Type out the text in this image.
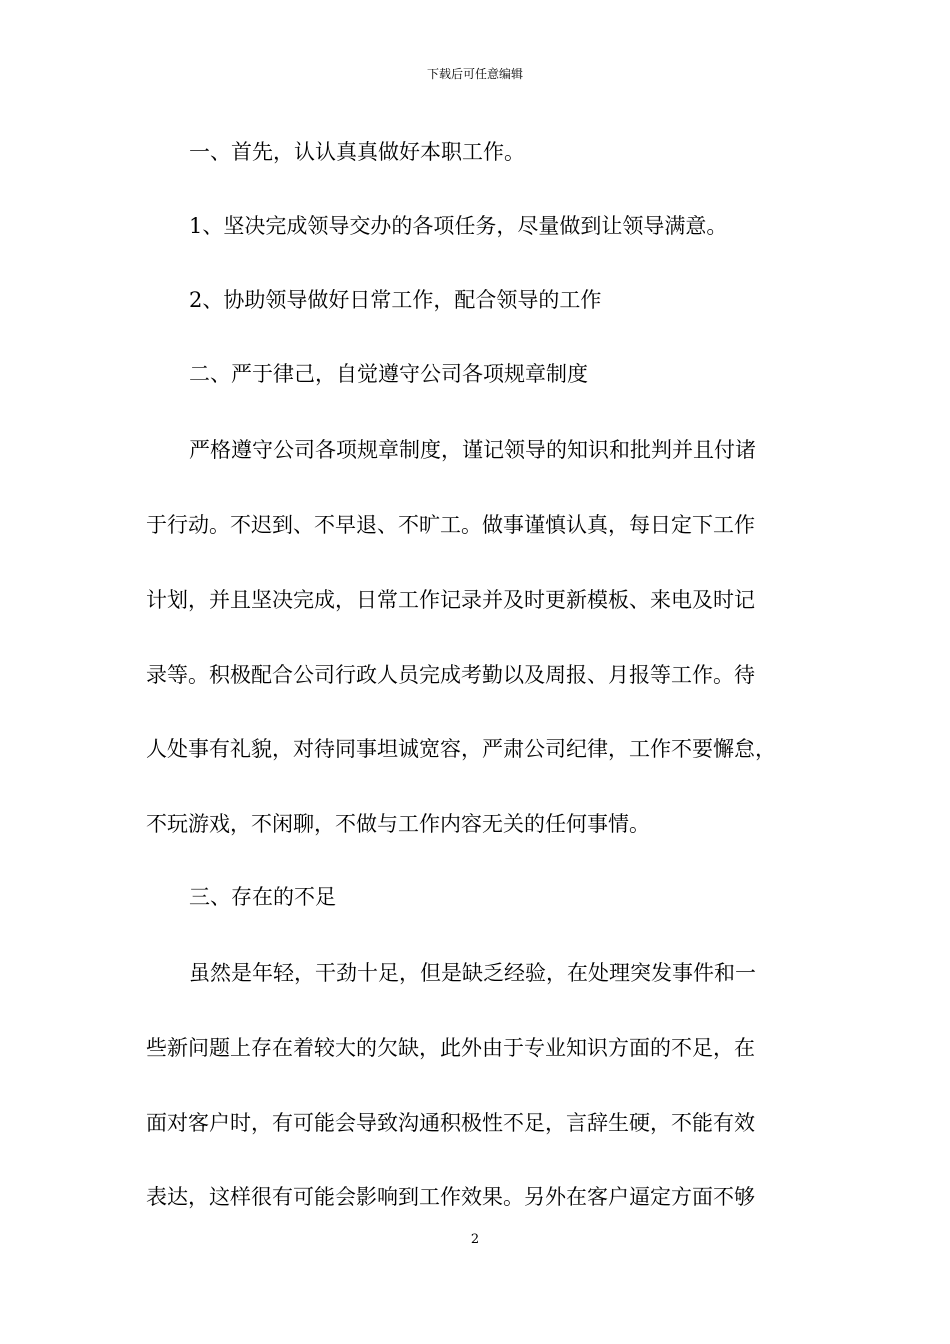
下载后可任意编辑
一、首先，认认真真做好本职工作。
1、坚决完成领导交办的各项任务，尽量做到让领导满意。
2、协助领导做好日常工作，配合领导的工作
二、严于律己，自觉遵守公司各项规章制度
严格遵守公司各项规章制度，谨记领导的知识和批判并且付诸
于行动。不迟到、不早退、不旷工。做事谨慎认真，每日定下工作
计划，并且坚决完成，日常工作记录并及时更新模板、来电及时记
录等。积极配合公司行政人员完成考勤以及周报、月报等工作。待
人处事有礼貌，对待同事坦诚宽容，严肃公司纪律，工作不要懈怠，
不玩游戏，不闲聊，不做与工作内容无关的任何事情。
三、存在的不足
虽然是年轻，干劲十足，但是缺乏经验，在处理突发事件和一
些新问题上存在着较大的欠缺，此外由于专业知识方面的不足，在
面对客户时，有可能会导致沟通积极性不足，言辞生硬，不能有效
表达，这样很有可能会影响到工作效果。另外在客户逼定方面不够
2
